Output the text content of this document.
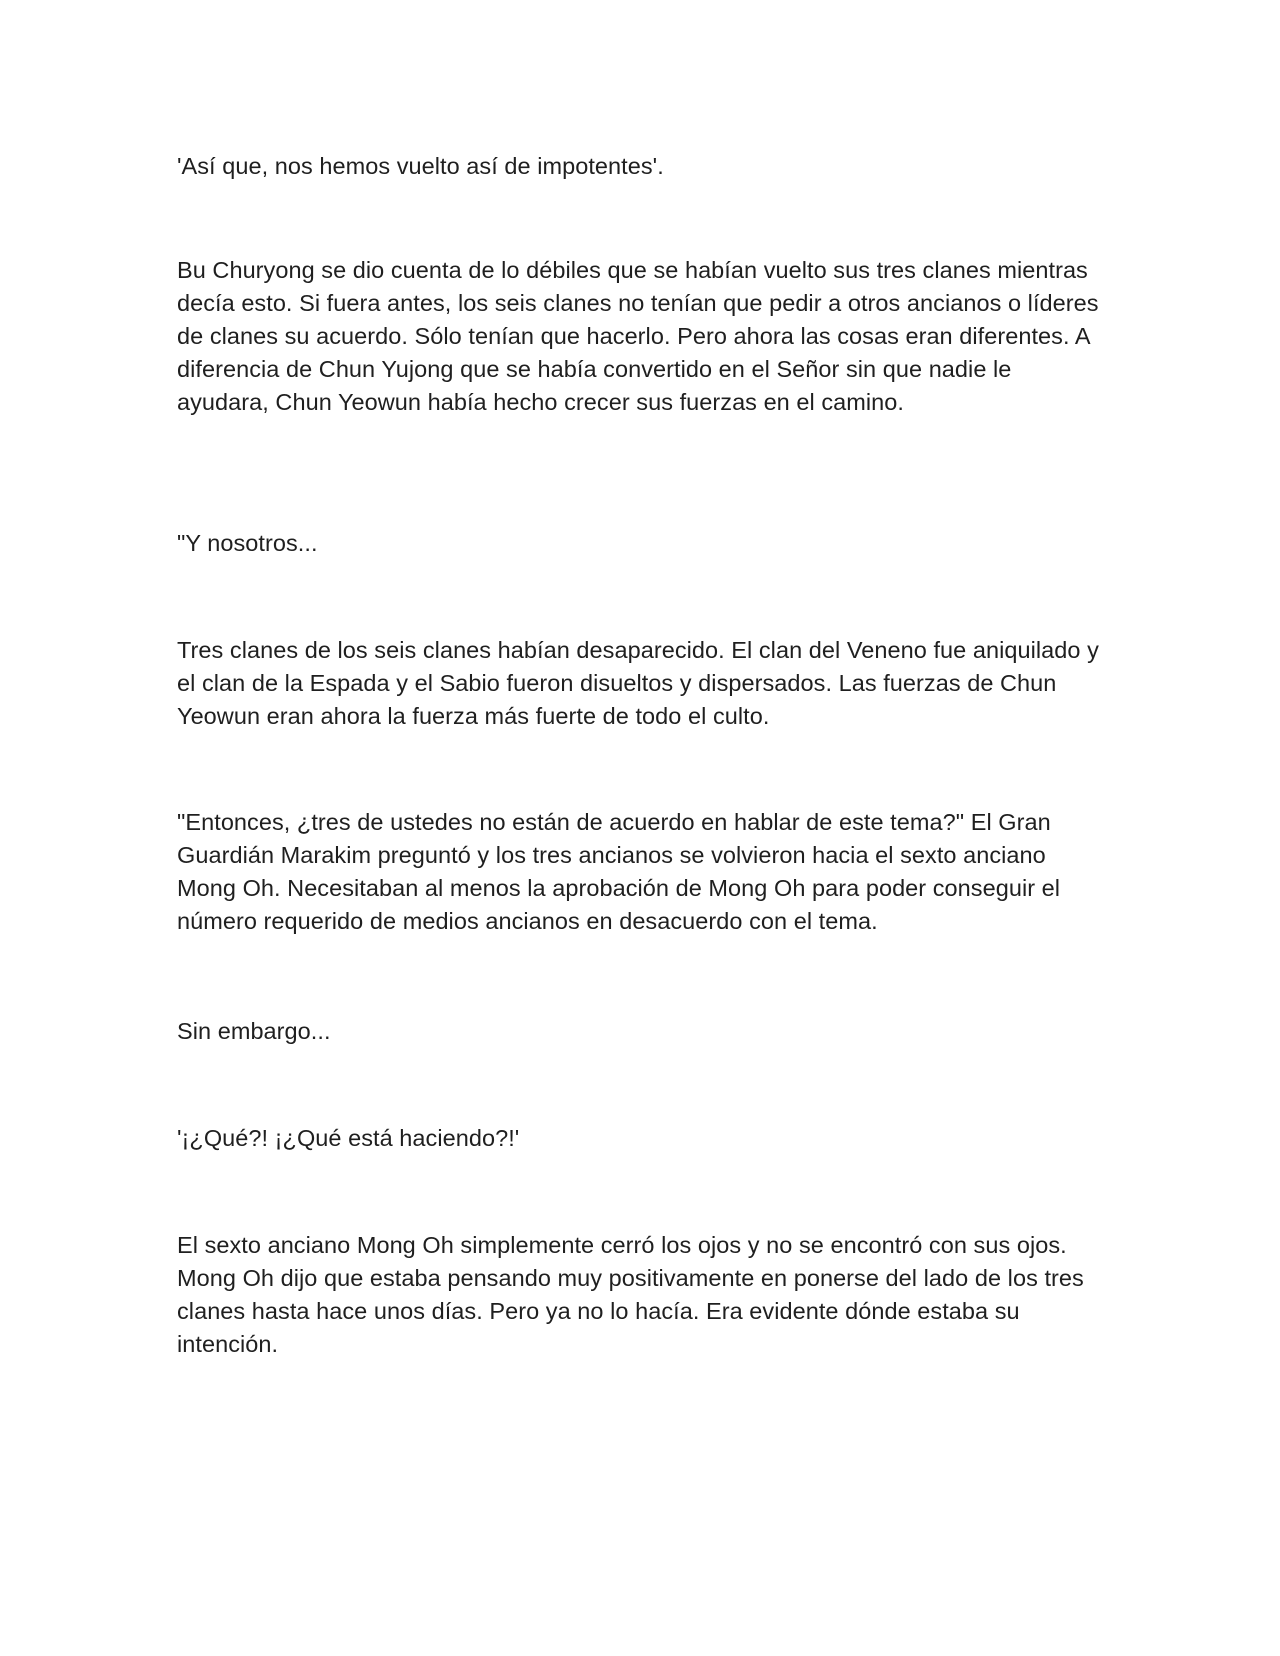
'Así que, nos hemos vuelto así de impotentes'.

Bu Churyong se dio cuenta de lo débiles que se habían vuelto sus tres clanes mientras decía esto. Si fuera antes, los seis clanes no tenían que pedir a otros ancianos o líderes de clanes su acuerdo. Sólo tenían que hacerlo. Pero ahora las cosas eran diferentes. A diferencia de Chun Yujong que se había convertido en el Señor sin que nadie le ayudara, Chun Yeowun había hecho crecer sus fuerzas en el camino.

"Y nosotros...

Tres clanes de los seis clanes habían desaparecido. El clan del Veneno fue aniquilado y el clan de la Espada y el Sabio fueron disueltos y dispersados. Las fuerzas de Chun Yeowun eran ahora la fuerza más fuerte de todo el culto.

"Entonces, ¿tres de ustedes no están de acuerdo en hablar de este tema?" El Gran Guardián Marakim preguntó y los tres ancianos se volvieron hacia el sexto anciano Mong Oh. Necesitaban al menos la aprobación de Mong Oh para poder conseguir el número requerido de medios ancianos en desacuerdo con el tema.

Sin embargo...

'¡¿Qué?! ¡¿Qué está haciendo?!'

El sexto anciano Mong Oh simplemente cerró los ojos y no se encontró con sus ojos. Mong Oh dijo que estaba pensando muy positivamente en ponerse del lado de los tres clanes hasta hace unos días. Pero ya no lo hacía. Era evidente dónde estaba su intención.
